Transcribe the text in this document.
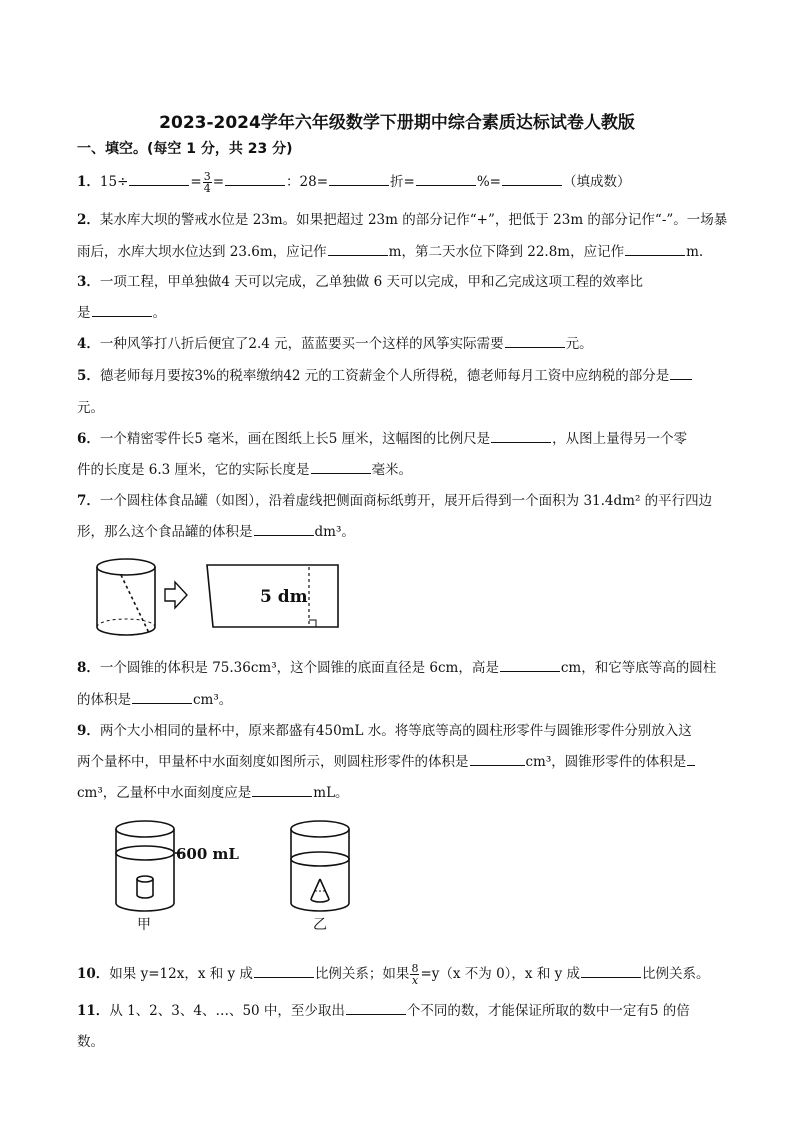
2023-2024学年六年级数学下册期中综合素质达标试卷人教版
一、填空。(每空 1 分，共 23 分)
1．15÷	= $\frac{3}{4}$ =	：28=	折=	%=	（填成数）
2．某水库大坝的警戒水位是 23m。如果把超过 23m 的部分记作“+”，把低于 23m 的部分记作“-”。一场暴
雨后，水库大坝水位达到 23.6m，应记作	m，第二天水位下降到 22.8m，应记作	m.
3．一项工程，甲单独做4 天可以完成，乙单独做 6 天可以完成，甲和乙完成这项工程的效率比
是	。
4．一种风筝打八折后便宜了2.4 元，蓝蓝要买一个这样的风筝实际需要	元。
5．德老师每月要按3%的税率缴纳42 元的工资薪金个人所得税，德老师每月工资中应纳税的部分是
元。
6．一个精密零件长5 毫米，画在图纸上长5 厘米，这幅图的比例尺是	，从图上量得另一个零
件的长度是 6.3 厘米，它的实际长度是	毫米。
7．一个圆柱体食品罐（如图），沿着虚线把侧面商标纸剪开，展开后得到一个面积为 31.4dm² 的平行四边
形，那么这个食品罐的体积是	dm³。
5 dm
8．一个圆锥的体积是 75.36cm³，这个圆锥的底面直径是 6cm，高是	cm，和它等底等高的圆柱
的体积是	cm³。
9．两个大小相同的量杯中，原来都盛有450mL 水。将等底等高的圆柱形零件与圆锥形零件分别放入这
两个量杯中，甲量杯中水面刻度如图所示，则圆柱形零件的体积是	cm³，圆锥形零件的体积是
cm³，乙量杯中水面刻度应是	mL。
600 mL
甲	乙
10．如果 y=12x，x 和 y 成	比例关系；如果 $\frac{8}{x} =y(x$ 不为 0），x 和 y 成	比例关系。
11．从 1、2、3、4、…、50 中，至少取出	个不同的数，才能保证所取的数中一定有5 的倍
数。
